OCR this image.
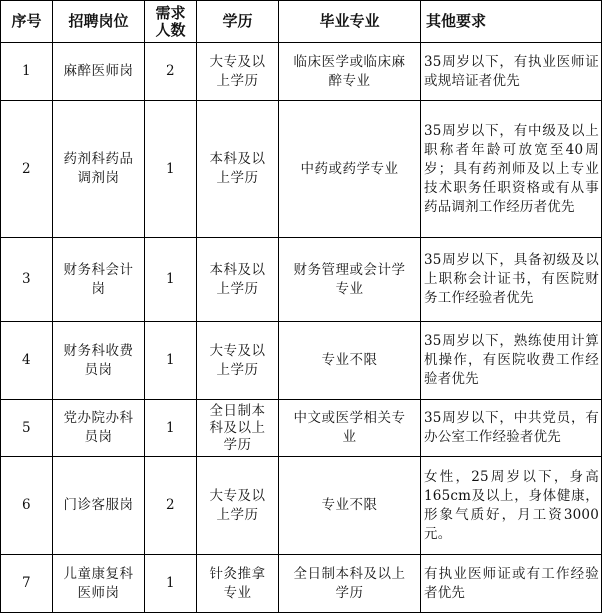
序号	招聘岗位	需求人数	学历	毕业专业	其他要求
1	麻醉医师岗	2	大专及以上学历	临床医学或临床麻醉专业	35周岁以下，有执业医师证或规培证者优先
2	药剂科药品调剂岗	1	本科及以上学历	中药或药学专业	35周岁以下，有中级及以上职称者年龄可放宽至40周岁；具有药剂师及以上专业技术职务任职资格或有从事药品调剂工作经历者优先
3	财务科会计岗	1	本科及以上学历	财务管理或会计学专业	35周岁以下，具备初级及以上职称会计证书，有医院财务工作经验者优先
4	财务科收费员岗	1	大专及以上学历	专业不限	35周岁以下，熟练使用计算机操作，有医院收费工作经验者优先
5	党办院办科员岗	1	全日制本科及以上学历	中文或医学相关专业	35周岁以下，中共党员，有办公室工作经验者优先
6	门诊客服岗	2	大专及以上学历	专业不限	女性，25周岁以下，身高165cm及以上，身体健康，形象气质好，月工资3000元。
7	儿童康复科医师岗	1	针灸推拿专业	全日制本科及以上学历	有执业医师证或有工作经验者优先
